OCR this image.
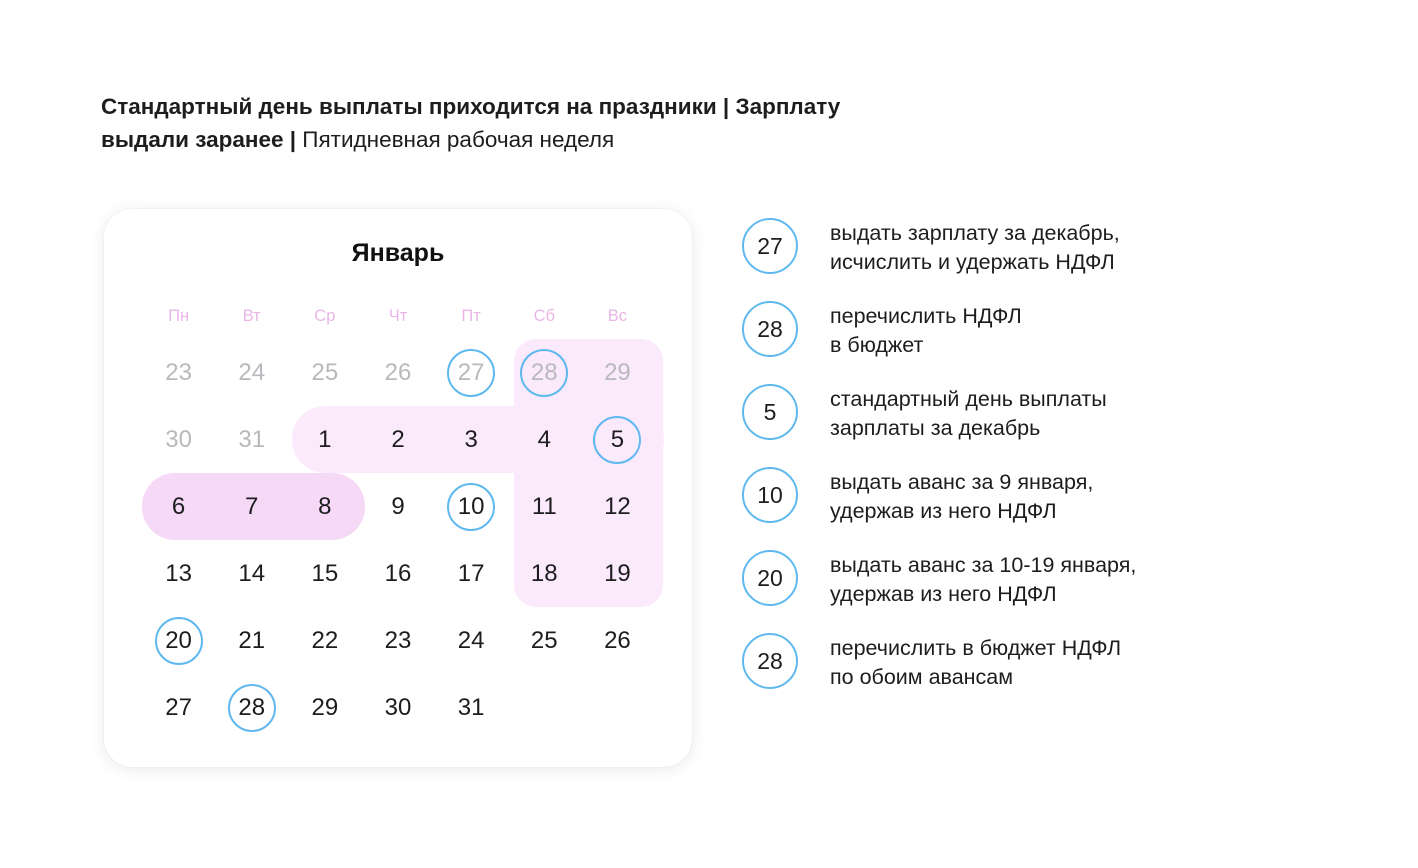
Стандартный день выплаты приходится на праздники | Зарплату
выдали заранее | Пятидневная рабочая неделя
Январь
Пн	Вт	Ср	Чт	Пт	Сб	Вс
23 24 25 26	27	28	29
30 31 1 2 3 4	5
6 7 8 9	10	11 12
13 14 15 16 17 18 19
20	21 22 23 24 25 26
27	28	29 30 31
27	выдать зарплату за декабрь,
исчислить и удержать НДФЛ
28	перечислить НДФЛ
в бюджет
5	стандартный день выплаты
зарплаты за декабрь
10	выдать аванс за 9 января,
удержав из него НДФЛ
20	выдать аванс за 10-19 января,
удержав из него НДФЛ
28	перечислить в бюджет НДФЛ
по обоим авансам
